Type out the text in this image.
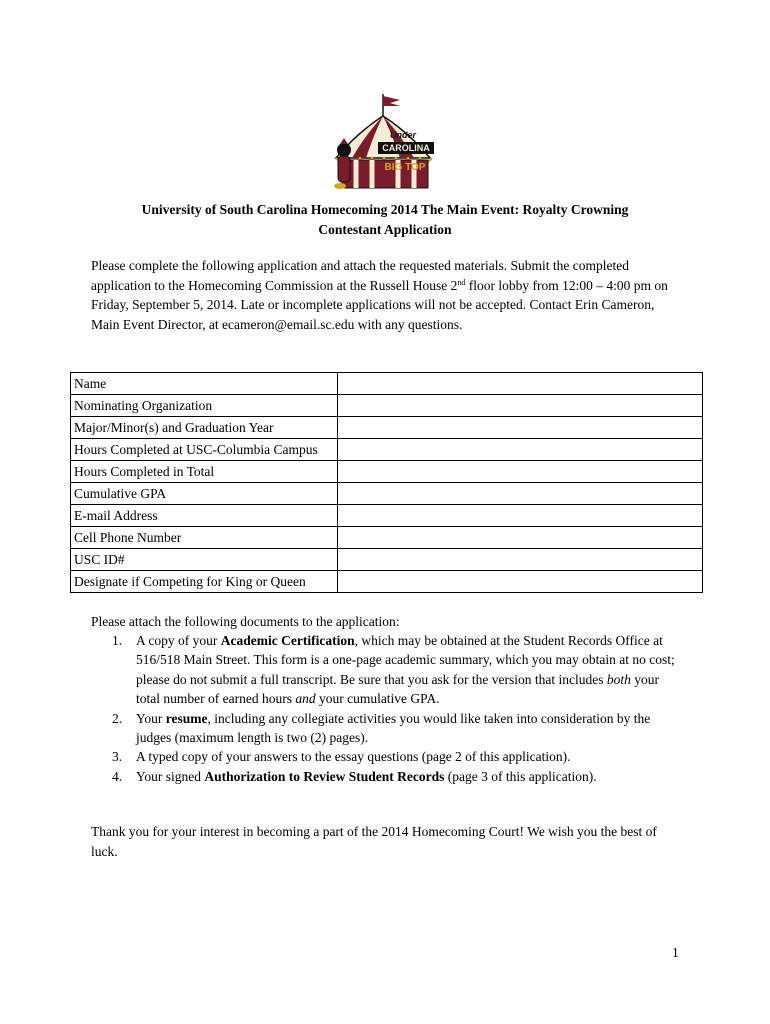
Under
CAROLINA
BIG TOP
University of South Carolina Homecoming 2014 The Main Event: Royalty Crowning
Contestant Application

Please complete the following application and attach the requested materials. Submit the completed application to the Homecoming Commission at the Russell House 2nd floor lobby from 12:00 – 4:00 pm on Friday, September 5, 2014. Late or incomplete applications will not be accepted. Contact Erin Cameron, Main Event Director, at ecameron@email.sc.edu with any questions.

Name	
Nominating Organization	
Major/Minor(s) and Graduation Year	
Hours Completed at USC-Columbia Campus	
Hours Completed in Total	
Cumulative GPA	
E-mail Address	
Cell Phone Number	
USC ID#	
Designate if Competing for King or Queen	

Please attach the following documents to the application:

1. A copy of your Academic Certification, which may be obtained at the Student Records Office at 516/518 Main Street. This form is a one-page academic summary, which you may obtain at no cost; please do not submit a full transcript. Be sure that you ask for the version that includes both your total number of earned hours and your cumulative GPA.
2. Your resume, including any collegiate activities you would like taken into consideration by the judges (maximum length is two (2) pages).
3. A typed copy of your answers to the essay questions (page 2 of this application).
4. Your signed Authorization to Review Student Records (page 3 of this application).

Thank you for your interest in becoming a part of the 2014 Homecoming Court! We wish you the best of luck.

1
